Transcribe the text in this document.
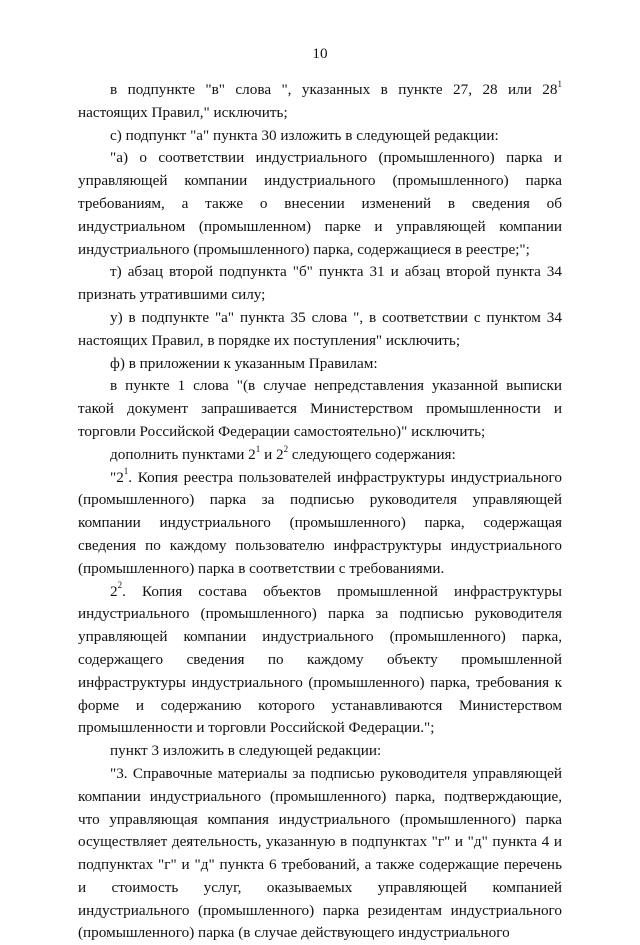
10

в подпункте "в" слова ", указанных в пункте 27, 28 или $28^1$ настоящих Правил," исключить;

с) подпункт "а" пункта 30 изложить в следующей редакции:

"а) о соответствии индустриального (промышленного) парка и управляющей компании индустриального (промышленного) парка требованиям, а также о внесении изменений в сведения об индустриальном (промышленном) парке и управляющей компании индустриального (промышленного) парка, содержащиеся в реестре;";

т) абзац второй подпункта "б" пункта 31 и абзац второй пункта 34 признать утратившими силу;

у) в подпункте "а" пункта 35 слова ", в соответствии с пунктом 34 настоящих Правил, в порядке их поступления" исключить;

ф) в приложении к указанным Правилам:

в пункте 1 слова "(в случае непредставления указанной выписки такой документ запрашивается Министерством промышленности и торговли Российской Федерации самостоятельно)" исключить;

дополнить пунктами $2^1$ и $2^2$ следующего содержания:

"$2^1$. Копия реестра пользователей инфраструктуры индустриального (промышленного) парка за подписью руководителя управляющей компании индустриального (промышленного) парка, содержащая сведения по каждому пользователю инфраструктуры индустриального (промышленного) парка в соответствии с требованиями.

$2^2$. Копия состава объектов промышленной инфраструктуры индустриального (промышленного) парка за подписью руководителя управляющей компании индустриального (промышленного) парка, содержащего сведения по каждому объекту промышленной инфраструктуры индустриального (промышленного) парка, требования к форме и содержанию которого устанавливаются Министерством промышленности и торговли Российской Федерации.";

пункт 3 изложить в следующей редакции:

"3. Справочные материалы за подписью руководителя управляющей компании индустриального (промышленного) парка, подтверждающие, что управляющая компания индустриального (промышленного) парка осуществляет деятельность, указанную в подпунктах "г" и "д" пункта 4 и подпунктах "г" и "д" пункта 6 требований, а также содержащие перечень и стоимость услуг, оказываемых управляющей компанией индустриального (промышленного) парка резидентам индустриального (промышленного) парка (в случае действующего индустриального
